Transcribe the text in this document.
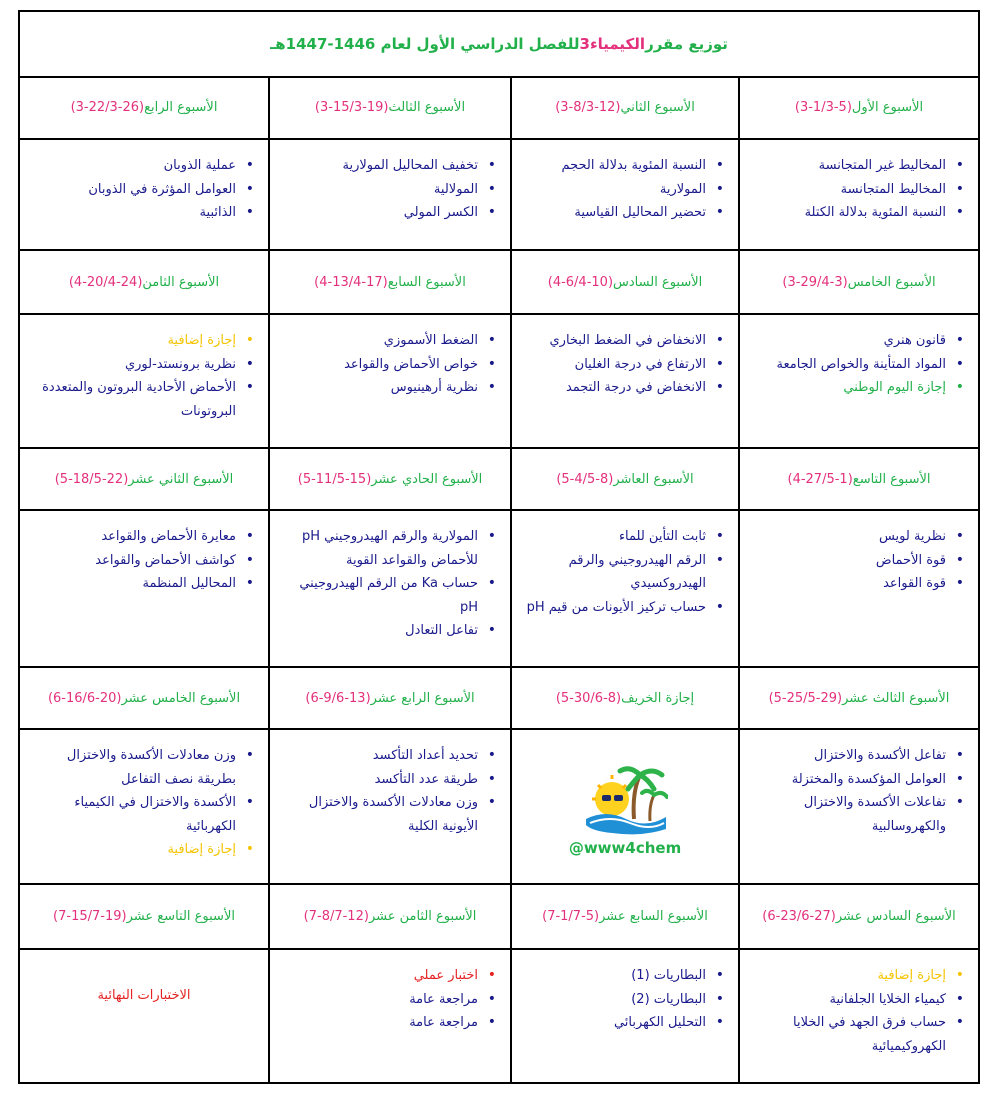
توزيع مقرر
الكيمياء3
للفصل الدراسي الأول لعام 1446-1447هـ
الأسبوع الأول
(
3-1/3-5
)
الأسبوع الثاني
(
3-8/3-12
)
الأسبوع الثالث
(
3-15/3-19
)
الأسبوع الرابع
(
3-22/3-26
)
• المخاليط غير المتجانسة
• المخاليط المتجانسة
• النسبة المئوية بدلالة الكتلة
• النسبة المئوية بدلالة الحجم
• المولارية
• تحضير المحاليل القياسية
• تخفيف المحاليل المولارية
• المولالية
• الكسر المولي
• عملية الذوبان
• العوامل المؤثرة في الذوبان
• الذائبية
الأسبوع الخامس
(
3-29/4-3
)
الأسبوع السادس
(
4-6/4-10
)
الأسبوع السابع
(
4-13/4-17
)
الأسبوع الثامن
(
4-20/4-24
)
• قانون هنري
• المواد المتأينة والخواص الجامعة
• إجازة اليوم الوطني
• الانخفاض في الضغط البخاري
• الارتفاع في درجة الغليان
• الانخفاض في درجة التجمد
• الضغط الأسموزي
• خواص الأحماض والقواعد
• نظرية أرهينيوس
• إجازة إضافية
• نظرية برونستد-لوري
• الأحماض الأحادية البروتون والمتعددة البروتونات
الأسبوع التاسع
(
4-27/5-1
)
الأسبوع العاشر
(
5-4/5-8
)
الأسبوع الحادي عشر
(
5-11/5-15
)
الأسبوع الثاني عشر
(
5-18/5-22
)
• نظرية لويس
• قوة الأحماض
• قوة القواعد
• ثابت التأين للماء
• الرقم الهيدروجيني والرقم الهيدروكسيدي
• حساب تركيز الأيونات من قيم pH
• المولارية والرقم الهيدروجيني pH للأحماض والقواعد القوية
• حساب Ka من الرقم الهيدروجيني pH
• تفاعل التعادل
• معايرة الأحماض والقواعد
• كواشف الأحماض والقواعد
• المحاليل المنظمة
الأسبوع الثالث عشر
(
5-25/5-29
)
إجازة الخريف
(
5-30/6-8
)
الأسبوع الرابع عشر
(
6-9/6-13
)
الأسبوع الخامس عشر
(
6-16/6-20
)
• تفاعل الأكسدة والاختزال
• العوامل المؤكسدة والمختزلة
• تفاعلات الأكسدة والاختزال والكهروسالبية
@www4chem
• تحديد أعداد التأكسد
• طريقة عدد التأكسد
• وزن معادلات الأكسدة والاختزال الأيونية الكلية
• وزن معادلات الأكسدة والاختزال بطريقة نصف التفاعل
• الأكسدة والاختزال في الكيمياء الكهربائية
• إجازة إضافية
الأسبوع السادس عشر
(
6-23/6-27
)
الأسبوع السابع عشر
(
7-1/7-5
)
الأسبوع الثامن عشر
(
7-8/7-12
)
الأسبوع التاسع عشر
(
7-15/7-19
)
• إجازة إضافية
• كيمياء الخلايا الجلفانية
• حساب فرق الجهد في الخلايا الكهروكيميائية
• البطاريات (1)
• البطاريات (2)
• التحليل الكهربائي
• اختبار عملي
• مراجعة عامة
• مراجعة عامة
الاختبارات النهائية
